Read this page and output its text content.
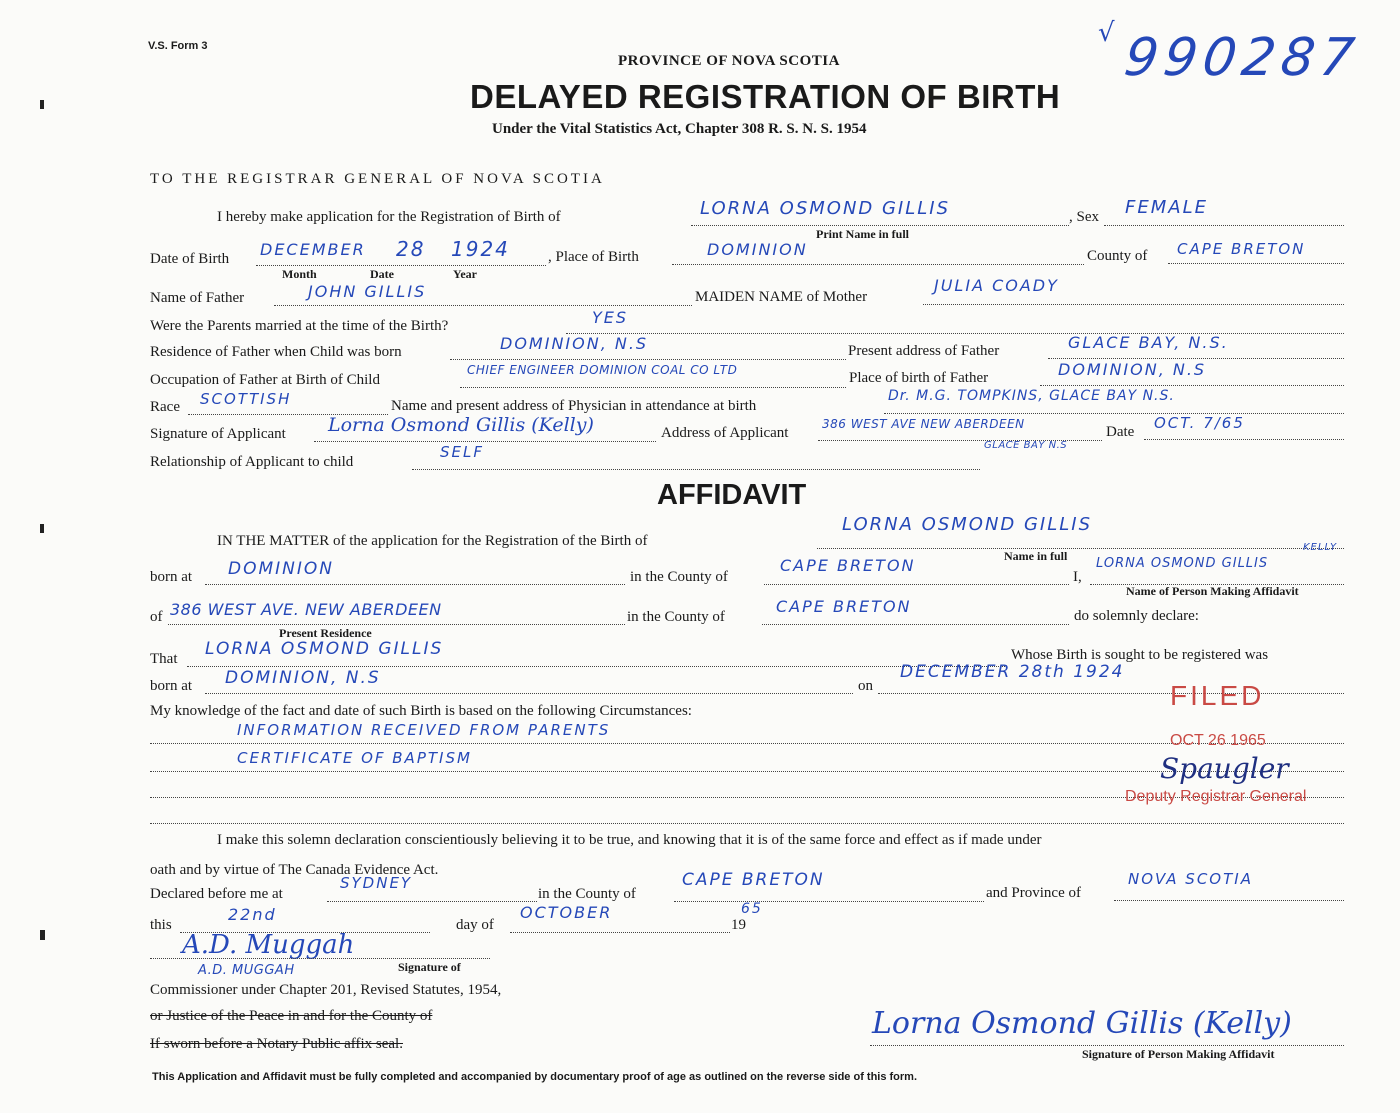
V.S. Form 3
PROVINCE OF NOVA SCOTIA
DELAYED REGISTRATION OF BIRTH
Under the Vital Statistics Act, Chapter 308 R. S. N. S. 1954
√ 990287
TO THE REGISTRAR GENERAL OF NOVA SCOTIA
I hereby make application for the Registration of Birth of	LORNA OSMOND GILLIS	, Sex FEMALE
Print Name in full
Date of Birth DECEMBER 28 1924	, Place of Birth	DOMINION	County of CAPE BRETON
Month	Date	Year
Name of Father	JOHN GILLIS	MAIDEN NAME of Mother
JULIA COADY
Were the Parents married at the time of the Birth?	YES
Residence of Father when Child was born	DOMINION, N.S	Present address of Father	GLACE BAY, N.S.
Occupation of Father at Birth of Child
CHIEF ENGINEER DOMINION COAL CO LTD	Place of birth of Father	DOMINION, N.S
Race SCOTTISH	Name and present address of Physician in attendance at birth
Dr. M.G. TOMPKINS, GLACE BAY N.S.
Signature of Applicant Lorna Osmond Gillis (Kelly)	Address of Applicant
386 WEST AVE NEW ABERDEEN
GLACE BAY N.S
Date OCT. 7/65
Relationship of Applicant to child
SELF
AFFIDAVIT
IN THE MATTER of the application for the Registration of the Birth of
LORNA OSMOND GILLIS
Name in full
born at DOMINION	in the County of
CAPE BRETON
I,
LORNA OSMOND GILLIS
KELLY
Name of Person Making Affidavit
of 386 WEST AVE. NEW ABERDEEN	in the County of
CAPE BRETON	do solemnly declare:
Present Residence
That LORNA OSMOND GILLIS	Whose Birth is sought to be registered was
born at DOMINION, N.S	on
DECEMBER 28th 1924
My knowledge of the fact and date of such Birth is based on the following Circumstances:
INFORMATION RECEIVED FROM PARENTS
CERTIFICATE OF BAPTISM
FILED
OCT 26 1965
Spaugler
Deputy Registrar General
I make this solemn declaration conscientiously believing it to be true, and knowing that it is of the same force and effect as if made under
oath and by virtue of The Canada Evidence Act.
Declared before me at
SYDNEY
in the County of
CAPE BRETON
and Province of
NOVA SCOTIA
this
22nd
day of
OCTOBER
19
65
A.D. Muggah
A.D. MUGGAH	Signature of
Commissioner under Chapter 201, Revised Statutes, 1954,
or Justice of the Peace in and for the County of
If sworn before a Notary Public affix seal.
Lorna Osmond Gillis (Kelly)
Signature of Person Making Affidavit
This Application and Affidavit must be fully completed and accompanied by documentary proof of age as outlined on the reverse side of this form.
